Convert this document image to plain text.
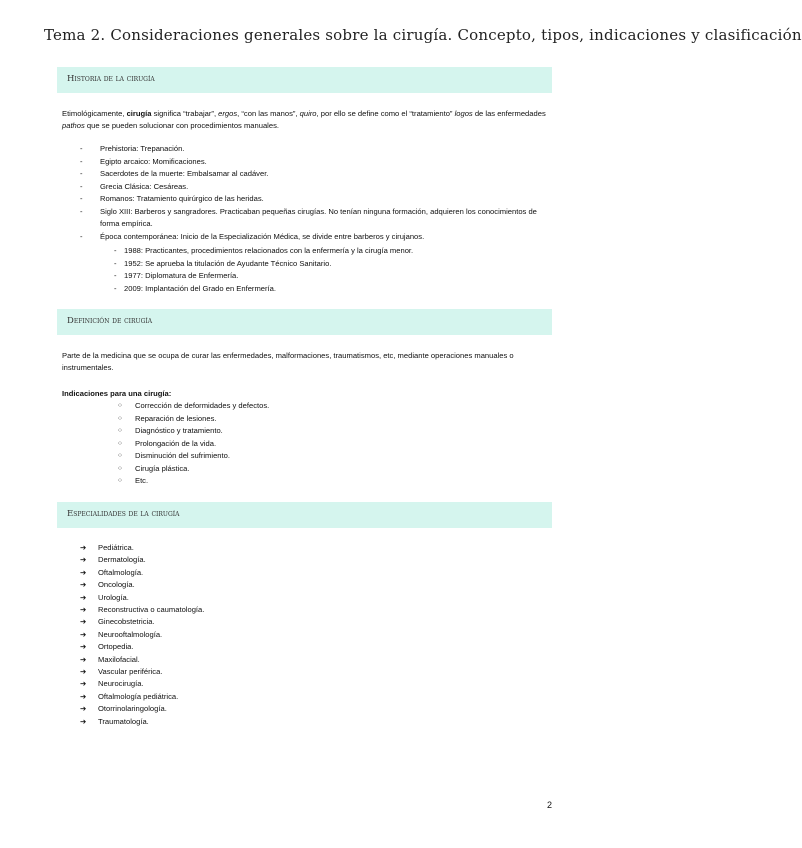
Tema 2. Consideraciones generales sobre la cirugía. Concepto, tipos, indicaciones y clasificación
Historia de la cirugía
Etimológicamente, cirugía significa “trabajar”, ergos, “con las manos”, quiro, por ello se define como el “tratamiento” logos de las enfermedades pathos que se pueden solucionar con procedimientos manuales.
- Prehistoria: Trepanación.
- Egipto arcaico: Momificaciones.
- Sacerdotes de la muerte: Embalsamar al cadáver.
- Grecia Clásica: Cesáreas.
- Romanos: Tratamiento quirúrgico de las heridas.
- Siglo XIII: Barberos y sangradores. Practicaban pequeñas cirugías. No tenían ninguna formación, adquieren los conocimientos de forma empírica.
- Época contemporánea: Inicio de la Especialización Médica, se divide entre barberos y cirujanos.
- 1988: Practicantes, procedimientos relacionados con la enfermería y la cirugía menor.
- 1952: Se aprueba la titulación de Ayudante Técnico Sanitario.
- 1977: Diplomatura de Enfermería.
- 2009: Implantación del Grado en Enfermería.
Definición de cirugía
Parte de la medicina que se ocupa de curar las enfermedades, malformaciones, traumatismos, etc, mediante operaciones manuales o instrumentales.
Indicaciones para una cirugía:
○ Corrección de deformidades y defectos.
○ Reparación de lesiones.
○ Diagnóstico y tratamiento.
○ Prolongación de la vida.
○ Disminución del sufrimiento.
○ Cirugía plástica.
○ Etc.
Especialidades de la cirugía
➔ Pediátrica.
➔ Dermatología.
➔ Oftalmología.
➔ Oncología.
➔ Urología.
➔ Reconstructiva o caumatología.
➔ Ginecobstetricia.
➔ Neurooftalmología.
➔ Ortopedia.
➔ Maxilofacial.
➔ Vascular periférica.
➔ Neurocirugía.
➔ Oftalmología pediátrica.
➔ Otorrinolaringología.
➔ Traumatología.
2
